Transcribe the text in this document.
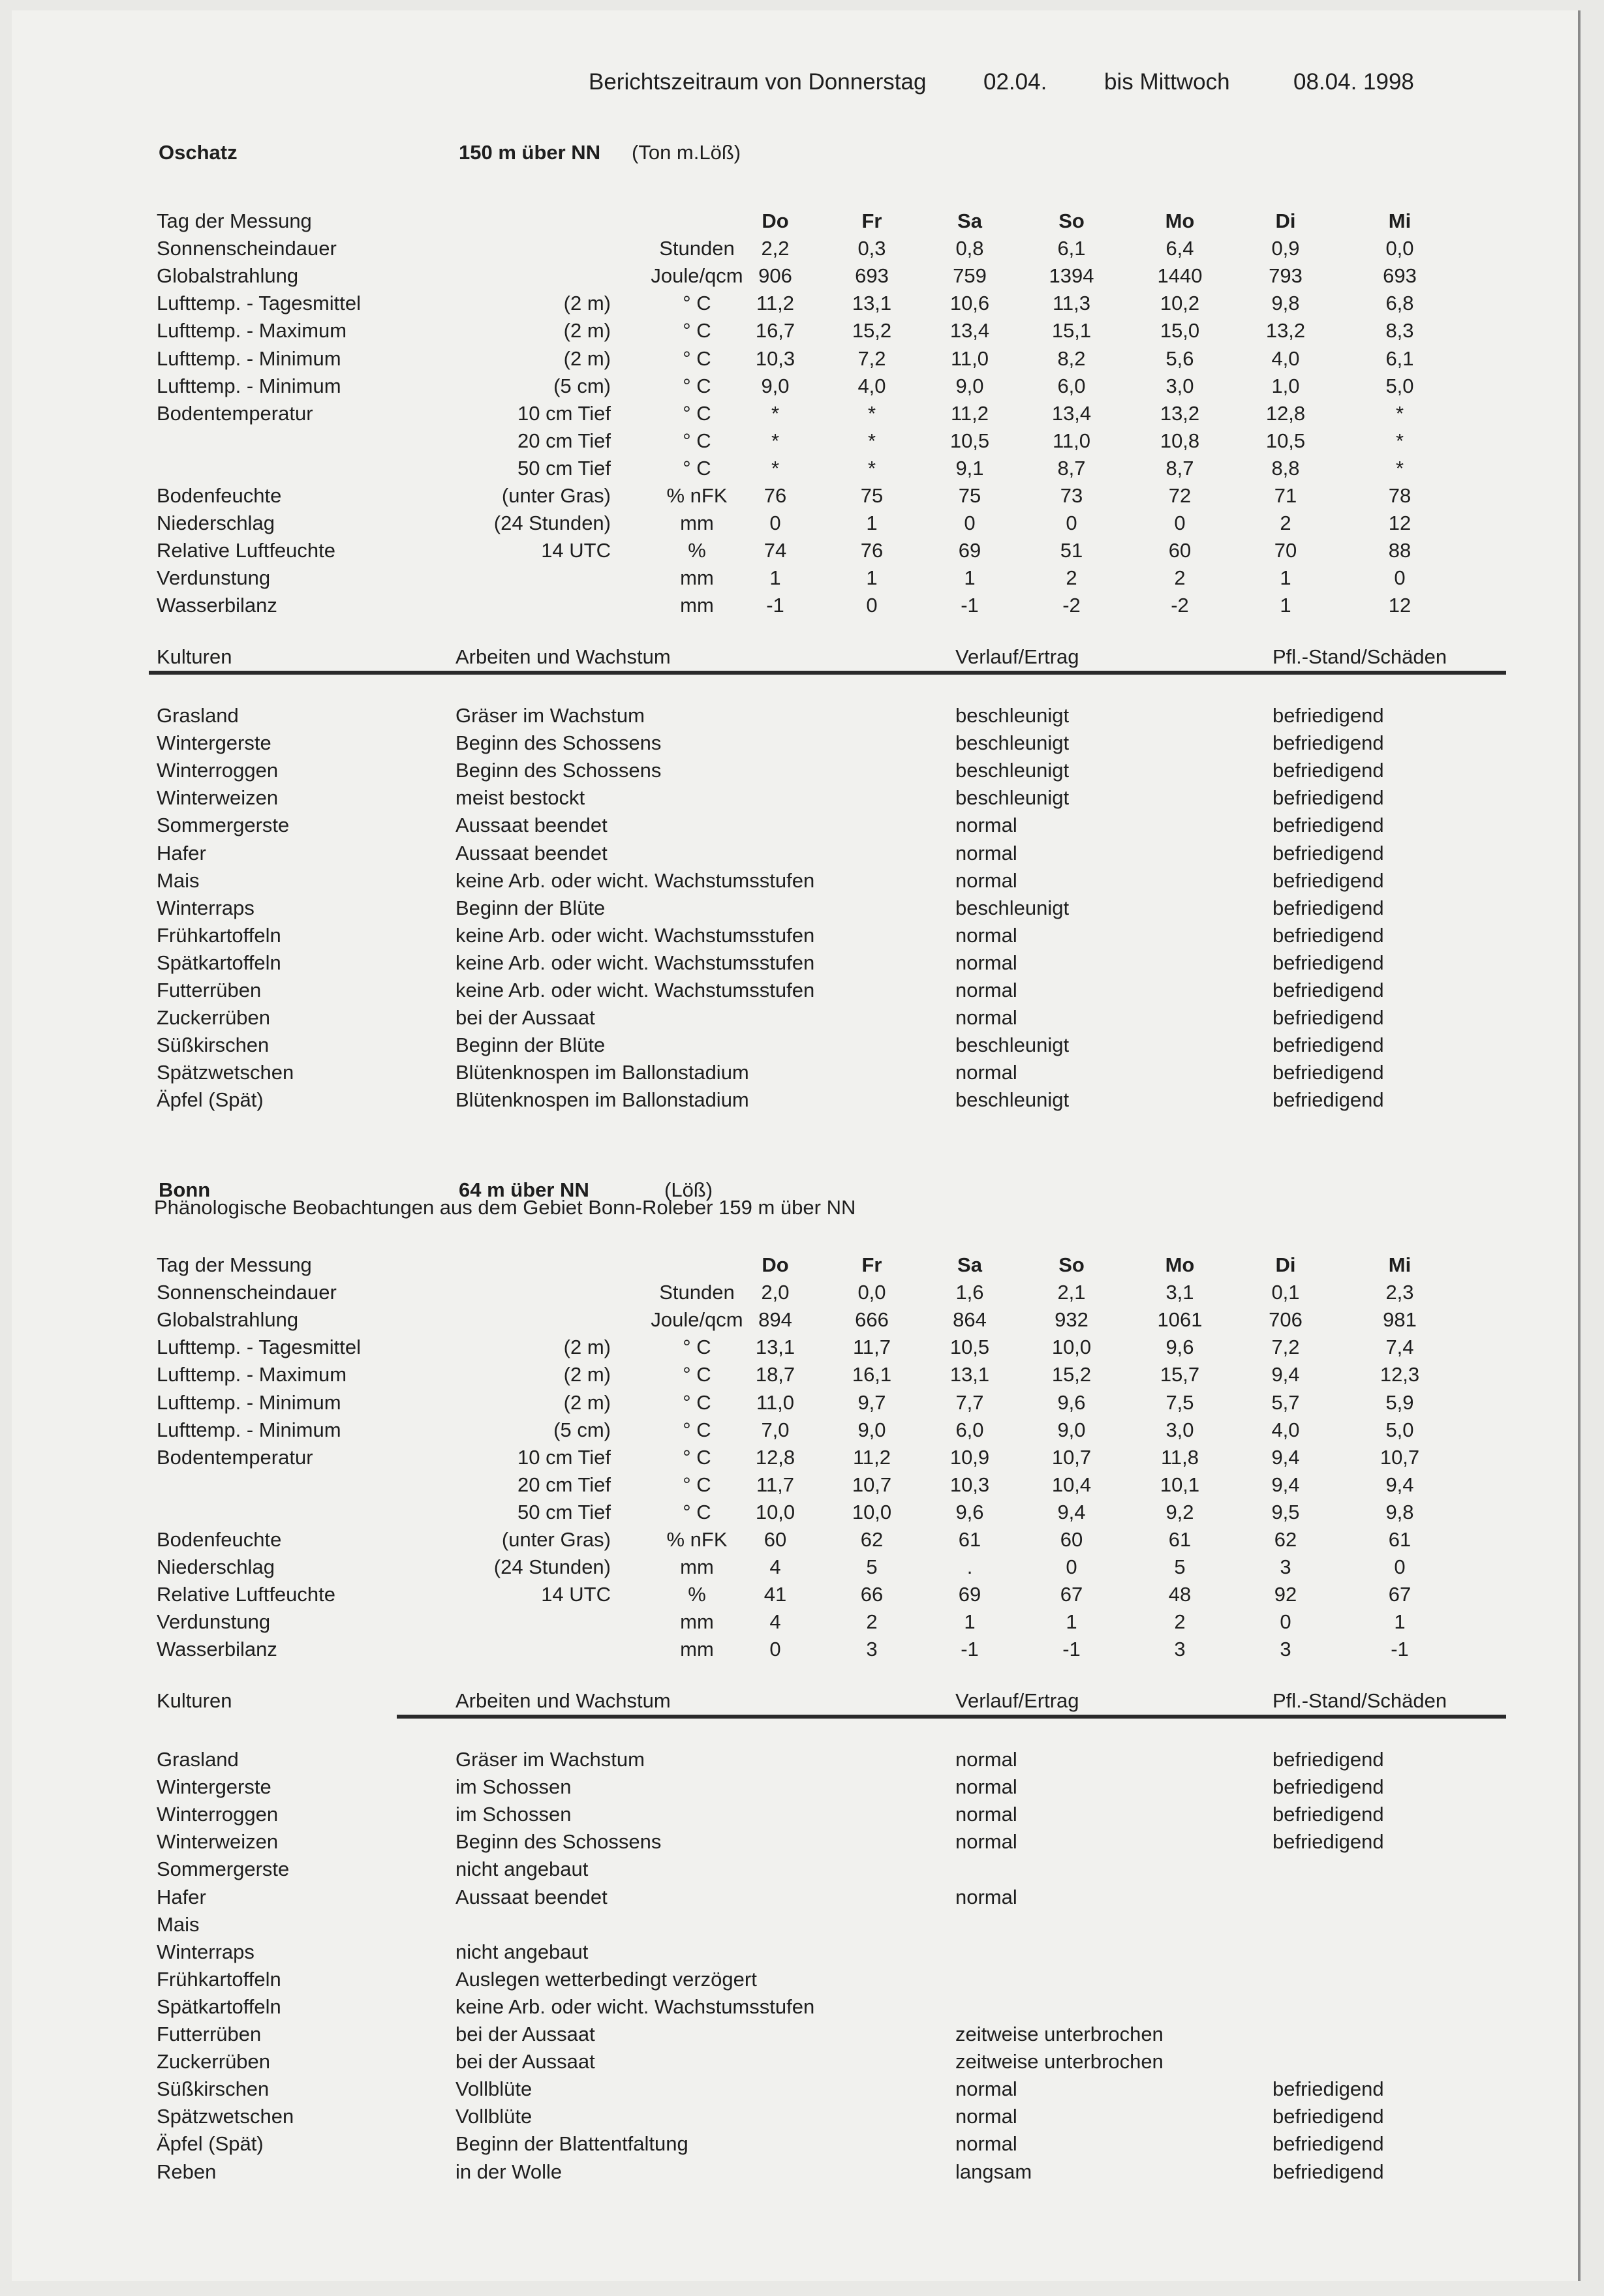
Berichtszeitraum von Donnerstag	02.04.	bis Mittwoch	08.04. 1998
Oschatz	150 m über NN (Ton m.Löß)
Tag der Messung	Do	Fr	Sa	So	Mo	Di	Mi
Sonnenscheindauer	Stunden	2,2	0,3	0,8	6,1	6,4	0,9	0,0
Globalstrahlung	Joule/qcm 906	693	759	1394	1440	793	693
Lufttemp. - Tagesmittel	(2 m)	° C	11,2	13,1	10,6	11,3	10,2	9,8	6,8
Lufttemp. - Maximum	(2 m)	° C	16,7	15,2	13,4	15,1	15,0	13,2	8,3
Lufttemp. - Minimum	(2 m)	° C	10,3	7,2	11,0	8,2	5,6	4,0	6,1
Lufttemp. - Minimum	(5 cm)	° C	9,0	4,0	9,0	6,0	3,0	1,0	5,0
Bodentemperatur	10 cm Tief	° C	*	*	11,2	13,4	13,2	12,8	*
20 cm Tief	° C	*	*	10,5	11,0	10,8	10,5	*
50 cm Tief	° C	*	*	9,1	8,7	8,7	8,8	*
Bodenfeuchte	(unter Gras)	% nFK	76	75	75	73	72	71	78
Niederschlag	(24 Stunden)	mm	0	1	0	0	0	2	12
Relative Luftfeuchte	14 UTC	%	74	76	69	51	60	70	88
Verdunstung	mm	1	1	1	2	2	1	0
Wasserbilanz	mm	-1	0	-1	-2	-2	1	12
Kulturen	Arbeiten und Wachstum	Verlauf/Ertrag	Pfl.-Stand/Schäden
Grasland	Gräser im Wachstum	beschleunigt	befriedigend
Wintergerste	Beginn des Schossens	beschleunigt	befriedigend
Winterroggen	Beginn des Schossens	beschleunigt	befriedigend
Winterweizen	meist bestockt	beschleunigt	befriedigend
Sommergerste	Aussaat beendet	normal	befriedigend
Hafer	Aussaat beendet	normal	befriedigend
Mais	keine Arb. oder wicht. Wachstumsstufen	normal	befriedigend
Winterraps	Beginn der Blüte	beschleunigt	befriedigend
Frühkartoffeln	keine Arb. oder wicht. Wachstumsstufen	normal	befriedigend
Spätkartoffeln	keine Arb. oder wicht. Wachstumsstufen	normal	befriedigend
Futterrüben	keine Arb. oder wicht. Wachstumsstufen	normal	befriedigend
Zuckerrüben	bei der Aussaat	normal	befriedigend
Süßkirschen	Beginn der Blüte	beschleunigt	befriedigend
Spätzwetschen	Blütenknospen im Ballonstadium	normal	befriedigend
Äpfel (Spät)	Blütenknospen im Ballonstadium	beschleunigt	befriedigend
Bonn	64 m über NN	(Löß)
Phänologische Beobachtungen aus dem Gebiet Bonn-Roleber 159 m über NN
Tag der Messung	Do	Fr	Sa	So	Mo	Di	Mi
Sonnenscheindauer	Stunden	2,0	0,0	1,6	2,1	3,1	0,1	2,3
Globalstrahlung	Joule/qcm 894	666	864	932	1061	706	981
Lufttemp. - Tagesmittel	(2 m)	° C	13,1	11,7	10,5	10,0	9,6	7,2	7,4
Lufttemp. - Maximum	(2 m)	° C	18,7	16,1	13,1	15,2	15,7	9,4	12,3
Lufttemp. - Minimum	(2 m)	° C	11,0	9,7	7,7	9,6	7,5	5,7	5,9
Lufttemp. - Minimum	(5 cm)	° C	7,0	9,0	6,0	9,0	3,0	4,0	5,0
Bodentemperatur	10 cm Tief	° C	12,8	11,2	10,9	10,7	11,8	9,4	10,7
20 cm Tief	° C	11,7	10,7	10,3	10,4	10,1	9,4	9,4
50 cm Tief	° C	10,0	10,0	9,6	9,4	9,2	9,5	9,8
Bodenfeuchte	(unter Gras)	% nFK	60	62	61	60	61	62	61
Niederschlag	(24 Stunden)	mm	4	5	.	0	5	3	0
Relative Luftfeuchte	14 UTC	%	41	66	69	67	48	92	67
Verdunstung	mm	4	2	1	1	2	0	1
Wasserbilanz	mm	0	3	-1	-1	3	3	-1
Kulturen	Arbeiten und Wachstum	Verlauf/Ertrag	Pfl.-Stand/Schäden
Grasland	Gräser im Wachstum	normal	befriedigend
Wintergerste	im Schossen	normal	befriedigend
Winterroggen	im Schossen	normal	befriedigend
Winterweizen	Beginn des Schossens	normal	befriedigend
Sommergerste	nicht angebaut
Hafer	Aussaat beendet	normal
Mais
Winterraps	nicht angebaut
Frühkartoffeln	Auslegen wetterbedingt verzögert
Spätkartoffeln	keine Arb. oder wicht. Wachstumsstufen
Futterrüben	bei der Aussaat	zeitweise unterbrochen
Zuckerrüben	bei der Aussaat	zeitweise unterbrochen
Süßkirschen	Vollblüte	normal	befriedigend
Spätzwetschen	Vollblüte	normal	befriedigend
Äpfel (Spät)	Beginn der Blattentfaltung	normal	befriedigend
Reben	in der Wolle	langsam	befriedigend
